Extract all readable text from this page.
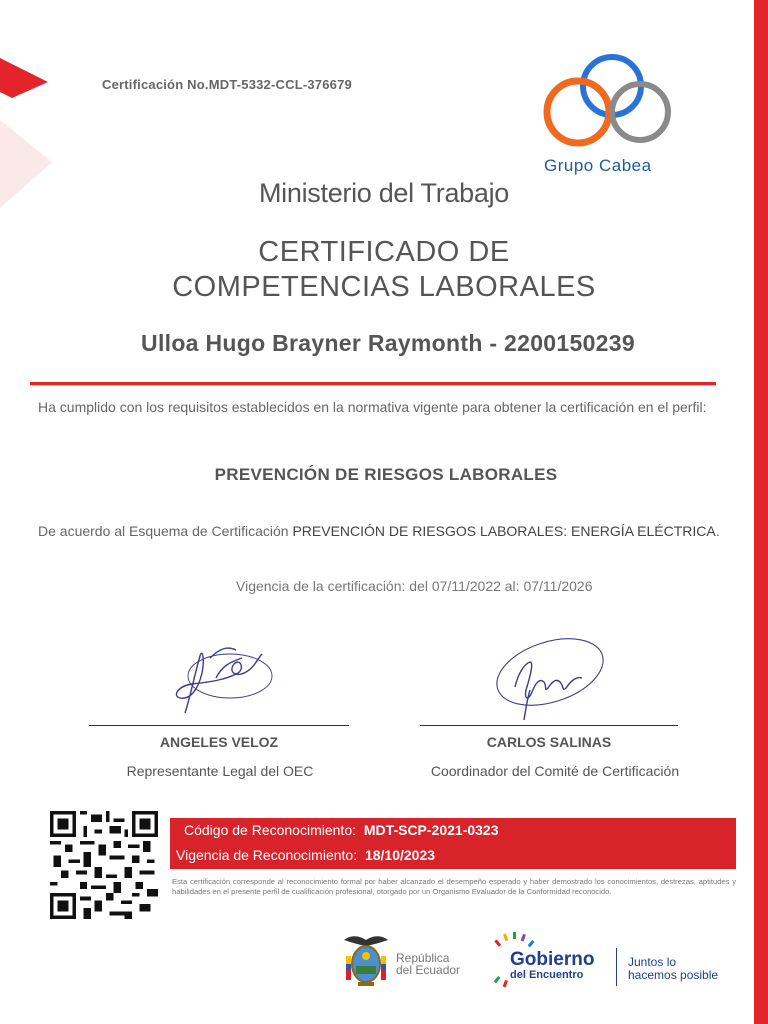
Certificación No.MDT-5332-CCL-376679
Grupo Cabea
Ministerio del Trabajo
CERTIFICADO DE
COMPETENCIAS LABORALES
Ulloa Hugo Brayner Raymonth - 2200150239
Ha cumplido con los requisitos establecidos en la normativa vigente para obtener la certificación en el perfil:
PREVENCIÓN DE RIESGOS LABORALES
De acuerdo al Esquema de Certificación PREVENCIÓN DE RIESGOS LABORALES: ENERGÍA ELÉCTRICA.
Vigencia de la certificación: del 07/11/2022 al: 07/11/2026
ANGELES VELOZ	CARLOS SALINAS
Representante Legal del OEC	Coordinador del Comité de Certificación
Código de Reconocimiento: MDT-SCP-2021-0323
Vigencia de Reconocimiento: 18/10/2023
Esta certificación corresponde al reconocimiento formal por haber alcanzado el desempeño esperado y haber demostrado los conocimientos, destrezas, aptitudes y habilidades en el presente perfil de cualificación profesional, otorgado por un Organismo Evaluador de la Conformidad reconocido.
República
del Ecuador	Gobierno
del Encuentro
Juntos lo
hacemos posible
